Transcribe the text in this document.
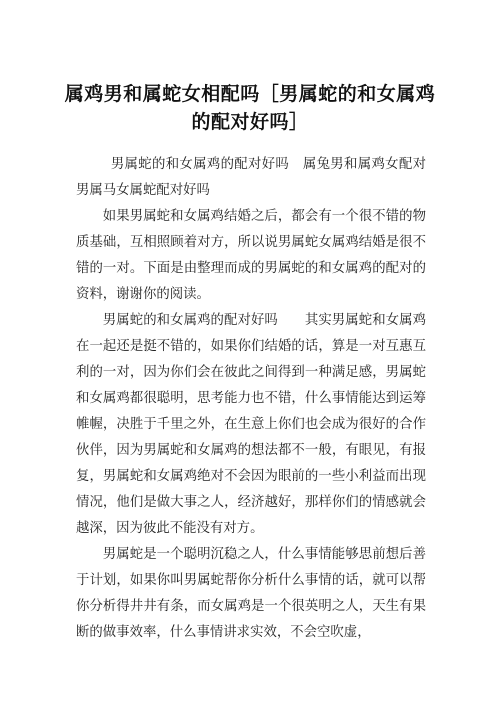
属鸡男和属蛇女相配吗［男属蛇的和女属鸡的配对好吗］

男属蛇的和女属鸡的配对好吗　属兔男和属鸡女配对男属马女属蛇配对好吗

如果男属蛇和女属鸡结婚之后，都会有一个很不错的物质基础，互相照顾着对方，所以说男属蛇女属鸡结婚是很不错的一对。下面是由整理而成的男属蛇的和女属鸡的配对的资料，谢谢你的阅读。

男属蛇的和女属鸡的配对好吗　　其实男属蛇和女属鸡在一起还是挺不错的，如果你们结婚的话，算是一对互惠互利的一对，因为你们会在彼此之间得到一种满足感，男属蛇和女属鸡都很聪明，思考能力也不错，什么事情能达到运筹帷幄，决胜于千里之外，在生意上你们也会成为很好的合作伙伴，因为男属蛇和女属鸡的想法都不一般，有眼见，有报复，男属蛇和女属鸡绝对不会因为眼前的一些小利益而出现情况，他们是做大事之人，经济越好，那样你们的情感就会越深，因为彼此不能没有对方。

男属蛇是一个聪明沉稳之人，什么事情能够思前想后善于计划，如果你叫男属蛇帮你分析什么事情的话，就可以帮你分析得井井有条，而女属鸡是一个很英明之人，天生有果断的做事效率，什么事情讲求实效，不会空吹虚，
